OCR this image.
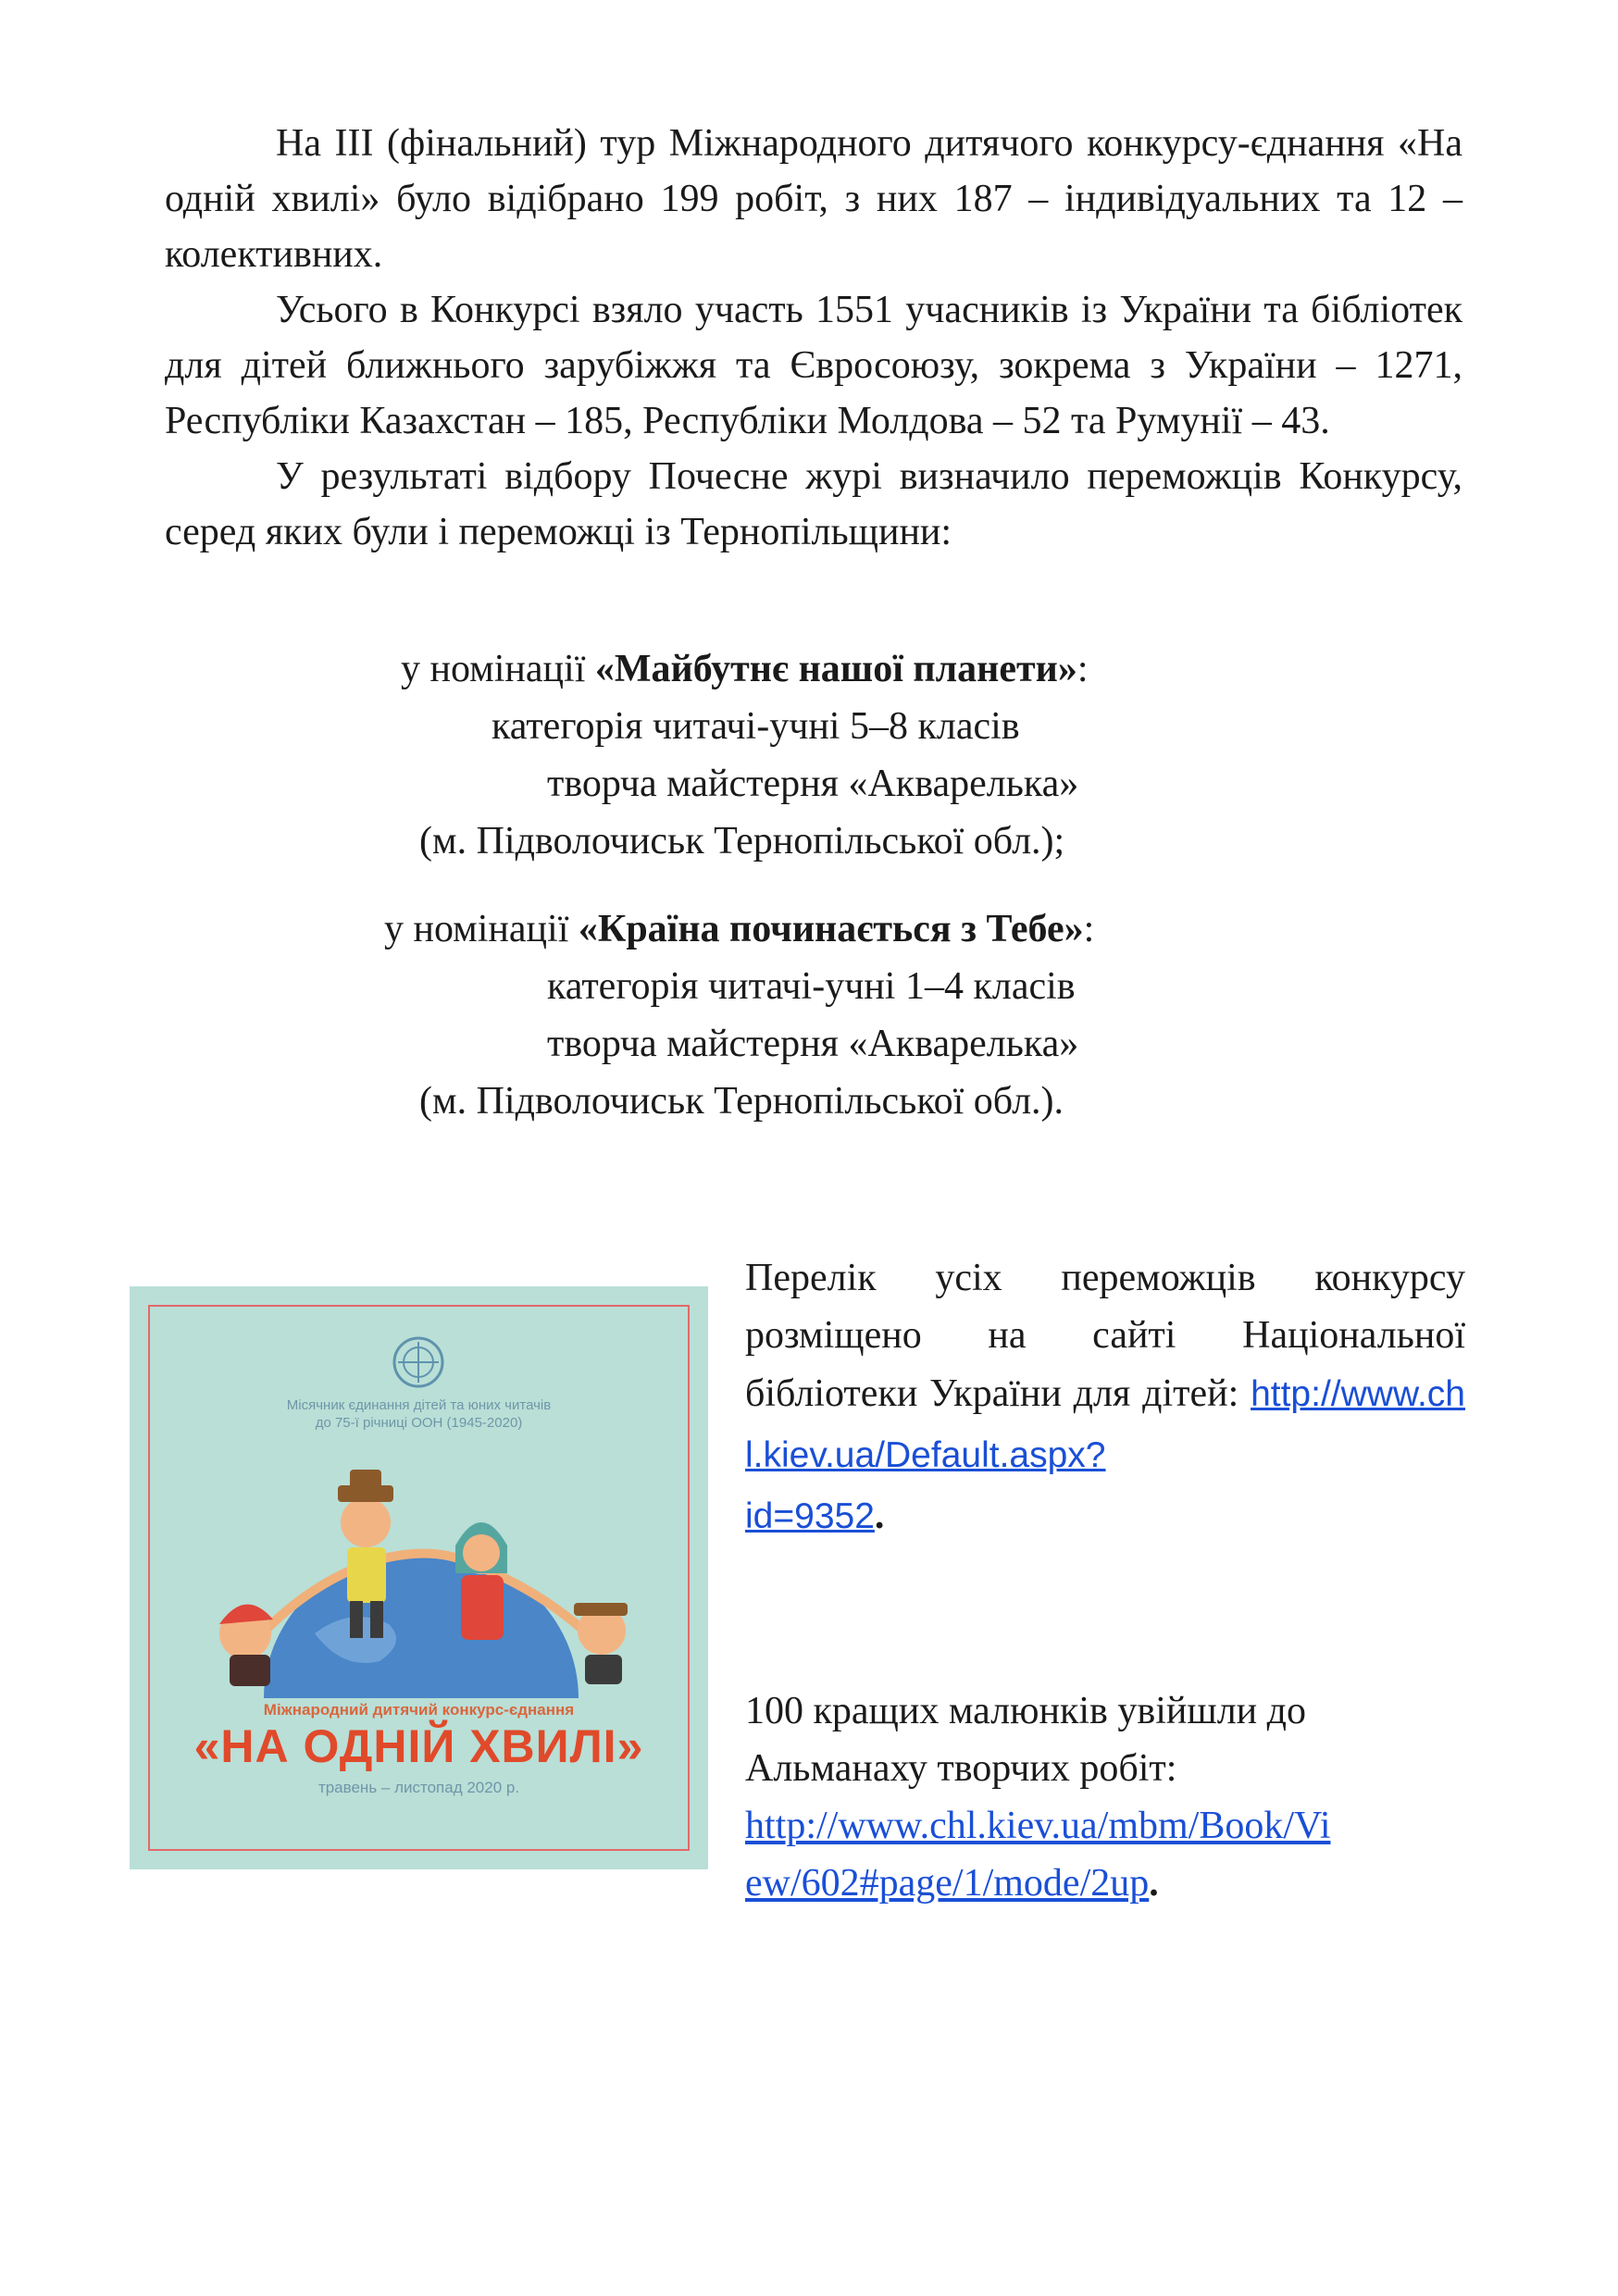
На ІІІ (фінальний) тур Міжнародного дитячого конкурсу-єднання «На одній хвилі» було відібрано 199 робіт, з них 187 – індивідуальних та 12 – колективних.

Усього в Конкурсі взяло участь 1551 учасників із України та бібліотек для дітей ближнього зарубіжжя та Євросоюзу, зокрема з України – 1271, Республіки Казахстан – 185, Республіки Молдова – 52 та Румунії – 43.

У результаті відбору Почесне журі визначило переможців Конкурсу, серед яких були і переможці із Тернопільщини:

у номінації «Майбутнє нашої планети»:
категорія читачі-учні 5–8 класів
творча майстерня «Акварелька»
(м. Підволочиськ Тернопільської обл.);
у номінації «Країна починається з Тебе»:
категорія читачі-учні 1–4 класів
творча майстерня «Акварелька»
(м. Підволочиськ Тернопільської обл.).
Місячник єдинання дітей та юних читачів
до 75-ї річниці ООН (1945-2020)
Міжнародний дитячий конкурс-єднання
«НА ОДНІЙ ХВИЛІ»
травень – листопад 2020 р.

Перелік усіх переможців конкурсу розміщено на сайті Національної бібліотеки України для дітей: http://www.chl.kiev.ua/Default.aspx?
id=9352.

100 кращих малюнків увійшли до Альманаху творчих робіт:
http://www.chl.kiev.ua/mbm/Book/Vi
ew/602#page/1/mode/2up.
